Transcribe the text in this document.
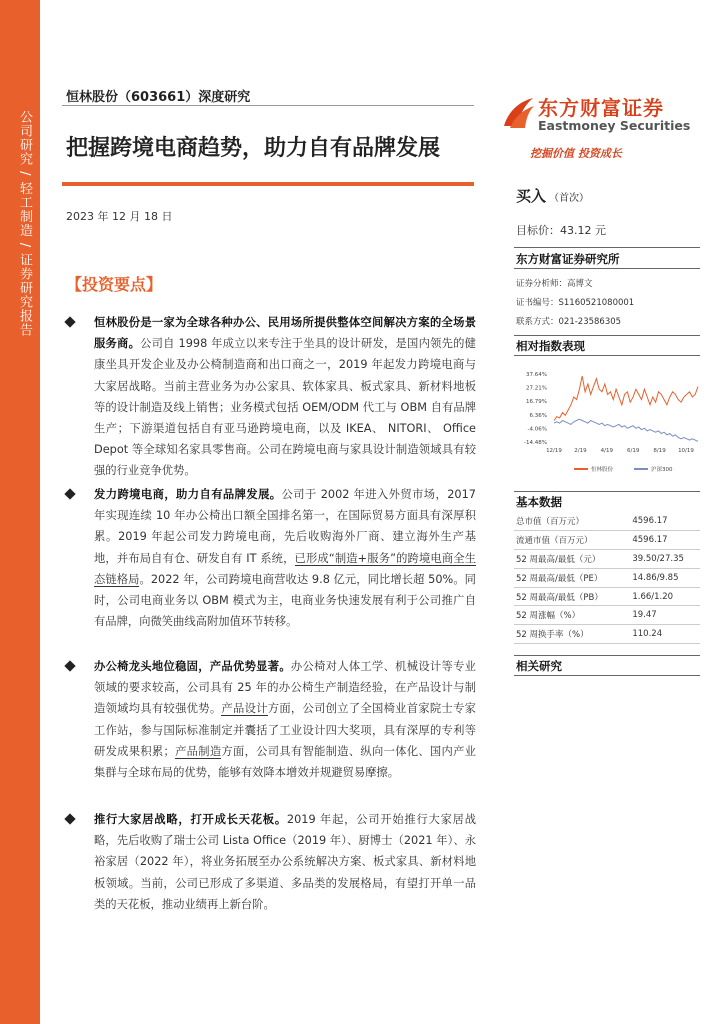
公司研究 / 轻工制造 / 证券研究报告
恒林股份（603661）深度研究
把握跨境电商趋势，助力自有品牌发展
2023 年 12 月 18 日
【投资要点】
恒林股份是一家为全球各种办公、民用场所提供整体空间解决方案的全场景服务商。公司自 1998 年成立以来专注于坐具的设计研发，是国内领先的健康坐具开发企业及办公椅制造商和出口商之一，2019 年起发力跨境电商与大家居战略。当前主营业务为办公家具、软体家具、板式家具、新材料地板等的设计制造及线上销售；业务模式包括 OEM/ODM 代工与 OBM 自有品牌生产；下游渠道包括自有亚马逊跨境电商，以及 IKEA、 NITORI、 Office Depot 等全球知名家具零售商。公司在跨境电商与家具设计制造领域具有较强的行业竞争优势。
发力跨境电商，助力自有品牌发展。公司于 2002 年进入外贸市场，2017 年实现连续 10 年办公椅出口额全国排名第一，在国际贸易方面具有深厚积累。2019 年起公司发力跨境电商，先后收购海外厂商、建立海外生产基地，并布局自有仓、研发自有 IT 系统，已形成“制造+服务”的跨境电商全生态链格局。2022 年，公司跨境电商营收达 9.8 亿元，同比增长超 50%。同时，公司电商业务以 OBM 模式为主，电商业务快速发展有利于公司推广自有品牌，向微笑曲线高附加值环节转移。
办公椅龙头地位稳固，产品优势显著。办公椅对人体工学、机械设计等专业领域的要求较高，公司具有 25 年的办公椅生产制造经验，在产品设计与制造领域均具有较强优势。产品设计方面，公司创立了全国椅业首家院士专家工作站，参与国际标准制定并囊括了工业设计四大奖项，具有深厚的专利等研发成果积累；产品制造方面，公司具有智能制造、纵向一体化、国内产业集群与全球布局的优势，能够有效降本增效并规避贸易摩擦。
推行大家居战略，打开成长天花板。2019 年起，公司开始推行大家居战略，先后收购了瑞士公司 Lista Office（2019 年）、厨博士（2021 年）、永裕家居（2022 年），将业务拓展至办公系统解决方案、板式家具、新材料地板领域。当前，公司已形成了多渠道、多品类的发展格局，有望打开单一品类的天花板，推动业绩再上新台阶。
东方财富证券
Eastmoney Securities
挖掘价值 投资成长
买入 （首次）
目标价：43.12 元
东方财富证券研究所
证券分析师：高博文
证书编号：S1160521080001
联系方式：021-23586305
相对指数表现
37.64%
27.21%
16.79%
6.36%
-4.06%
-14.48%
12/19 2/19	4/19	6/19	8/19 10/19
恒林股份	沪深300
基本数据
总市值（百万元）	4596.17
流通市值（百万元）	4596.17
52 周最高/最低（元）	39.50/27.35
52 周最高/最低（PE）	14.86/9.85
52 周最高/最低（PB）	1.66/1.20
52 周涨幅（%）	19.47
52 周换手率（%）	110.24
相关研究
